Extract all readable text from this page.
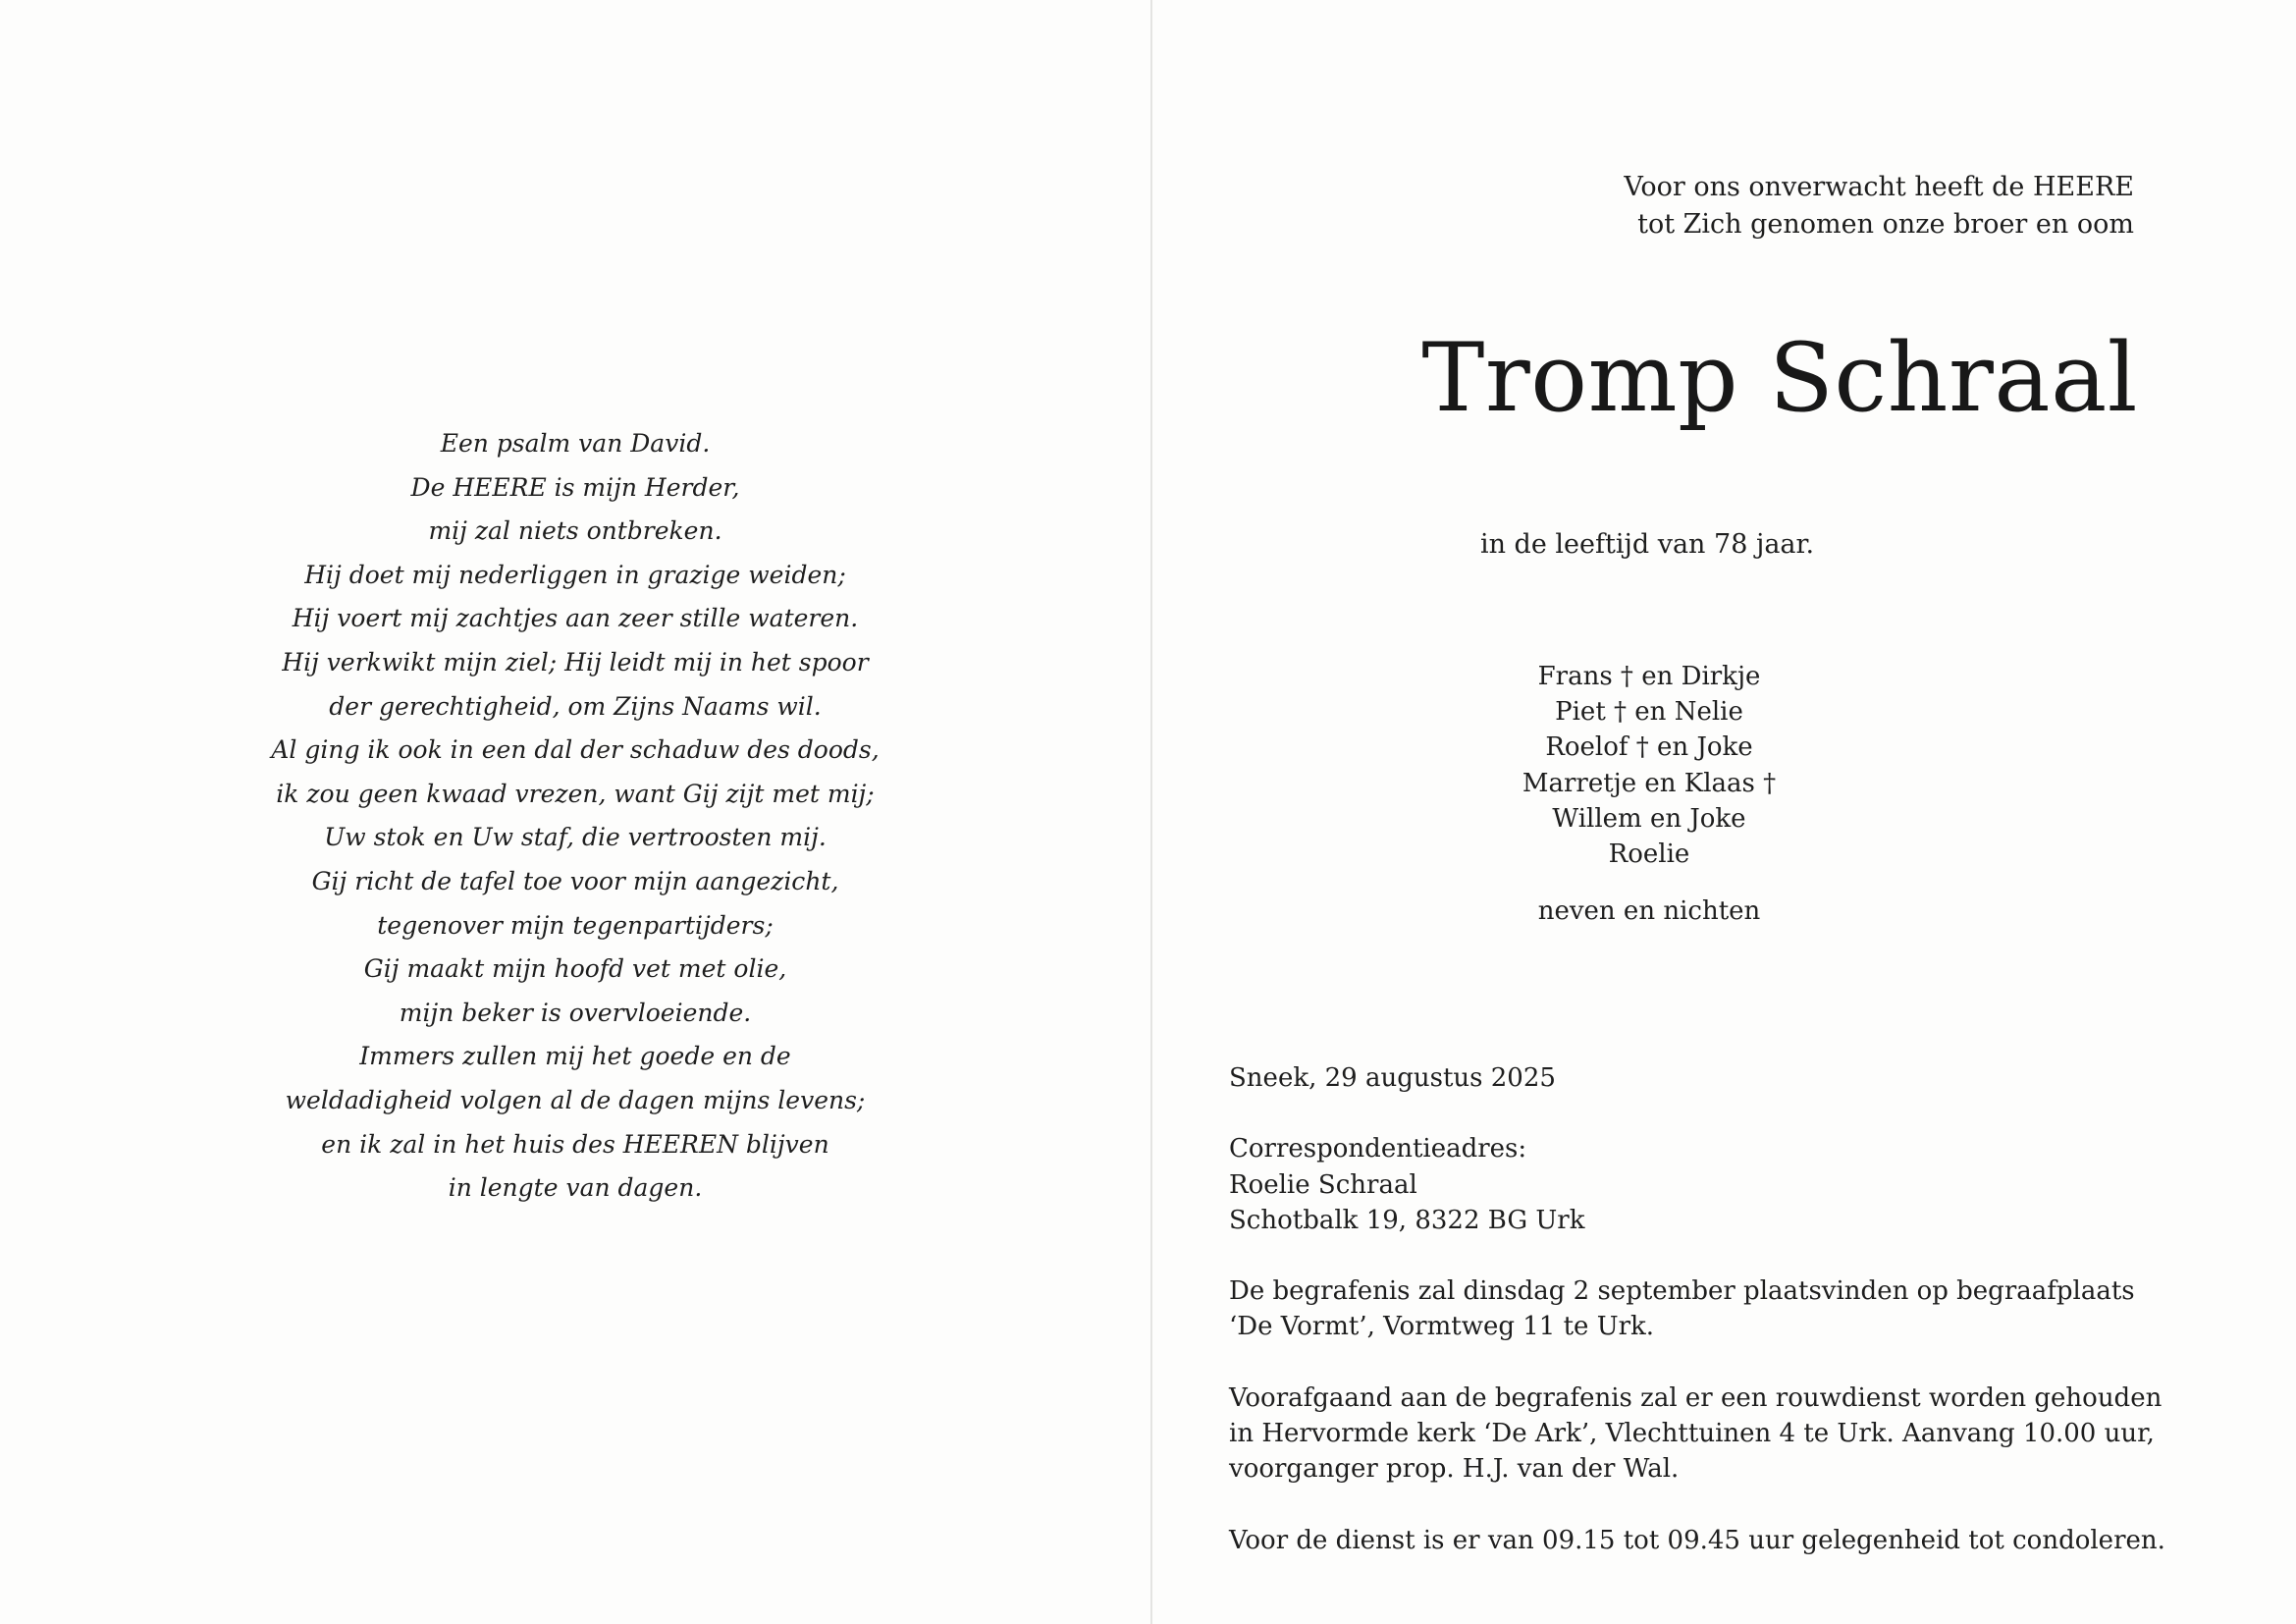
Een psalm van David.
De HEERE is mijn Herder,
mij zal niets ontbreken.
Hij doet mij nederliggen in grazige weiden;
Hij voert mij zachtjes aan zeer stille wateren.
Hij verkwikt mijn ziel; Hij leidt mij in het spoor
der gerechtigheid, om Zijns Naams wil.
Al ging ik ook in een dal der schaduw des doods,
ik zou geen kwaad vrezen, want Gij zijt met mij;
Uw stok en Uw staf, die vertroosten mij.
Gij richt de tafel toe voor mijn aangezicht,
tegenover mijn tegenpartijders;
Gij maakt mijn hoofd vet met olie,
mijn beker is overvloeiende.
Immers zullen mij het goede en de
weldadigheid volgen al de dagen mijns levens;
en ik zal in het huis des HEEREN blijven
in lengte van dagen.
Voor ons onverwacht heeft de HEERE
tot Zich genomen onze broer en oom
Tromp Schraal
in de leeftijd van 78 jaar.
Frans † en Dirkje
Piet † en Nelie
Roelof † en Joke
Marretje en Klaas †
Willem en Joke
Roelie
neven en nichten

Sneek, 29 augustus 2025

Correspondentieadres:
Roelie Schraal
Schotbalk 19, 8322 BG Urk

De begrafenis zal dinsdag 2 september plaatsvinden op begraafplaats
‘De Vormt’, Vormtweg 11 te Urk.

Voorafgaand aan de begrafenis zal er een rouwdienst worden gehouden
in Hervormde kerk ‘De Ark’, Vlechttuinen 4 te Urk. Aanvang 10.00 uur,
voorganger prop. H.J. van der Wal.

Voor de dienst is er van 09.15 tot 09.45 uur gelegenheid tot condoleren.
